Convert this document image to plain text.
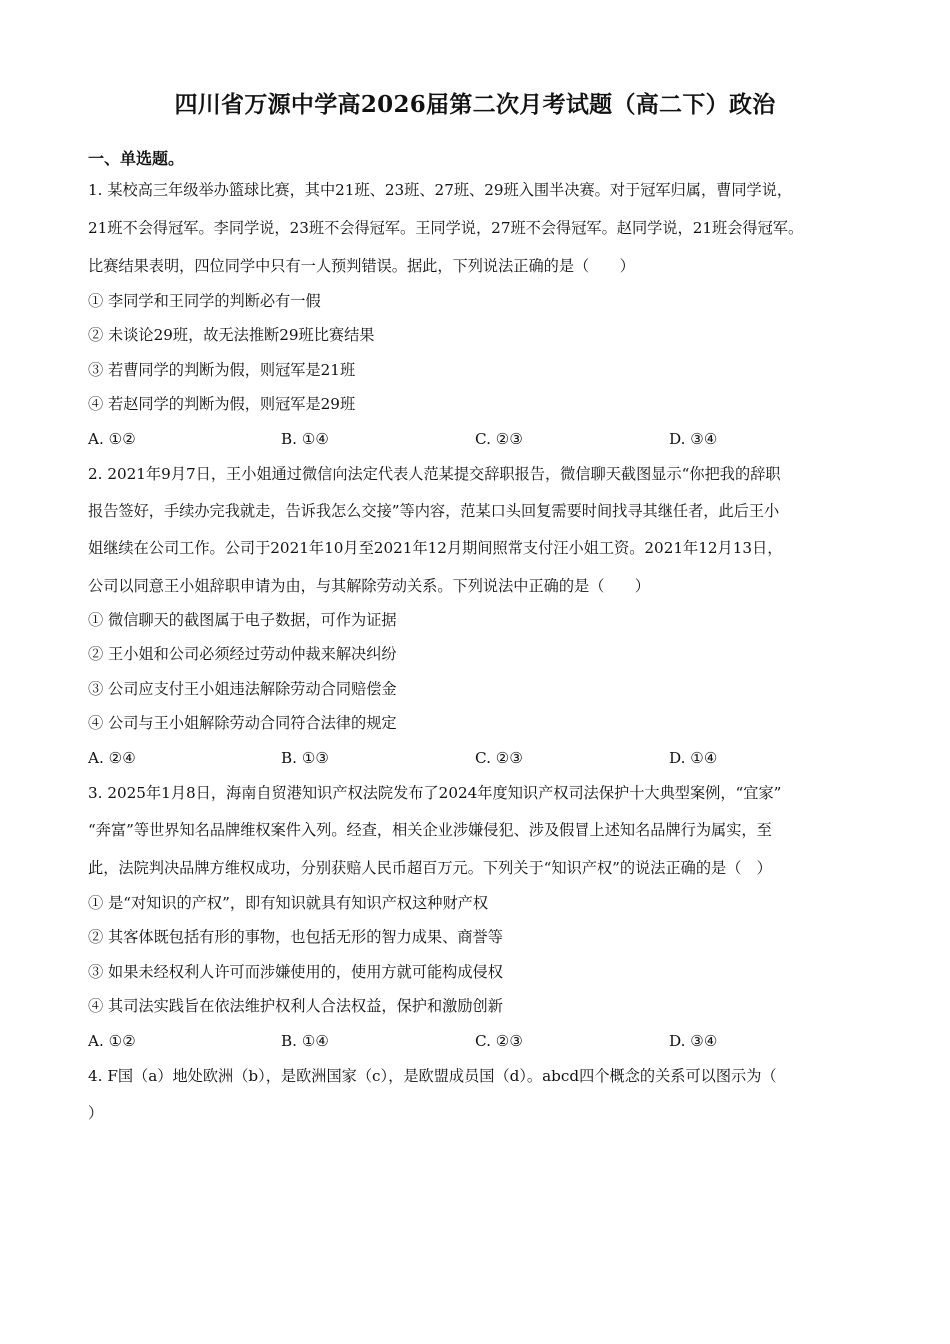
四川省万源中学高2026届第二次月考试题（高二下）政治
一、单选题。
1. 某校高三年级举办篮球比赛，其中21班、23班、27班、29班入围半决赛。对于冠军归属，曹同学说，
21班不会得冠军。李同学说，23班不会得冠军。王同学说，27班不会得冠军。赵同学说，21班会得冠军。
比赛结果表明，四位同学中只有一人预判错误。据此，下列说法正确的是（　　）
① 李同学和王同学的判断必有一假
② 未谈论29班，故无法推断29班比赛结果
③ 若曹同学的判断为假，则冠军是21班
④ 若赵同学的判断为假，则冠军是29班
A. ①②	B. ①④	C. ②③	D. ③④
2. 2021年9月7日，王小姐通过微信向法定代表人范某提交辞职报告，微信聊天截图显示“你把我的辞职
报告签好，手续办完我就走，告诉我怎么交接”等内容，范某口头回复需要时间找寻其继任者，此后王小
姐继续在公司工作。公司于2021年10月至2021年12月期间照常支付汪小姐工资。2021年12月13日，
公司以同意王小姐辞职申请为由，与其解除劳动关系。下列说法中正确的是（　　）
① 微信聊天的截图属于电子数据，可作为证据
② 王小姐和公司必须经过劳动仲裁来解决纠纷
③ 公司应支付王小姐违法解除劳动合同赔偿金
④ 公司与王小姐解除劳动合同符合法律的规定
A. ②④	B. ①③	C. ②③	D. ①④
3. 2025年1月8日，海南自贸港知识产权法院发布了2024年度知识产权司法保护十大典型案例，“宜家”
“奔富”等世界知名品牌维权案件入列。经查，相关企业涉嫌侵犯、涉及假冒上述知名品牌行为属实，至
此，法院判决品牌方维权成功，分别获赔人民币超百万元。下列关于“知识产权”的说法正确的是（　）
① 是“对知识的产权”，即有知识就具有知识产权这种财产权
② 其客体既包括有形的事物，也包括无形的智力成果、商誉等
③ 如果未经权利人许可而涉嫌使用的，使用方就可能构成侵权
④ 其司法实践旨在依法维护权利人合法权益，保护和激励创新
A. ①②	B. ①④	C. ②③	D. ③④
4. F国（a）地处欧洲（b），是欧洲国家（c），是欧盟成员国（d）。abcd四个概念的关系可以图示为（
）
